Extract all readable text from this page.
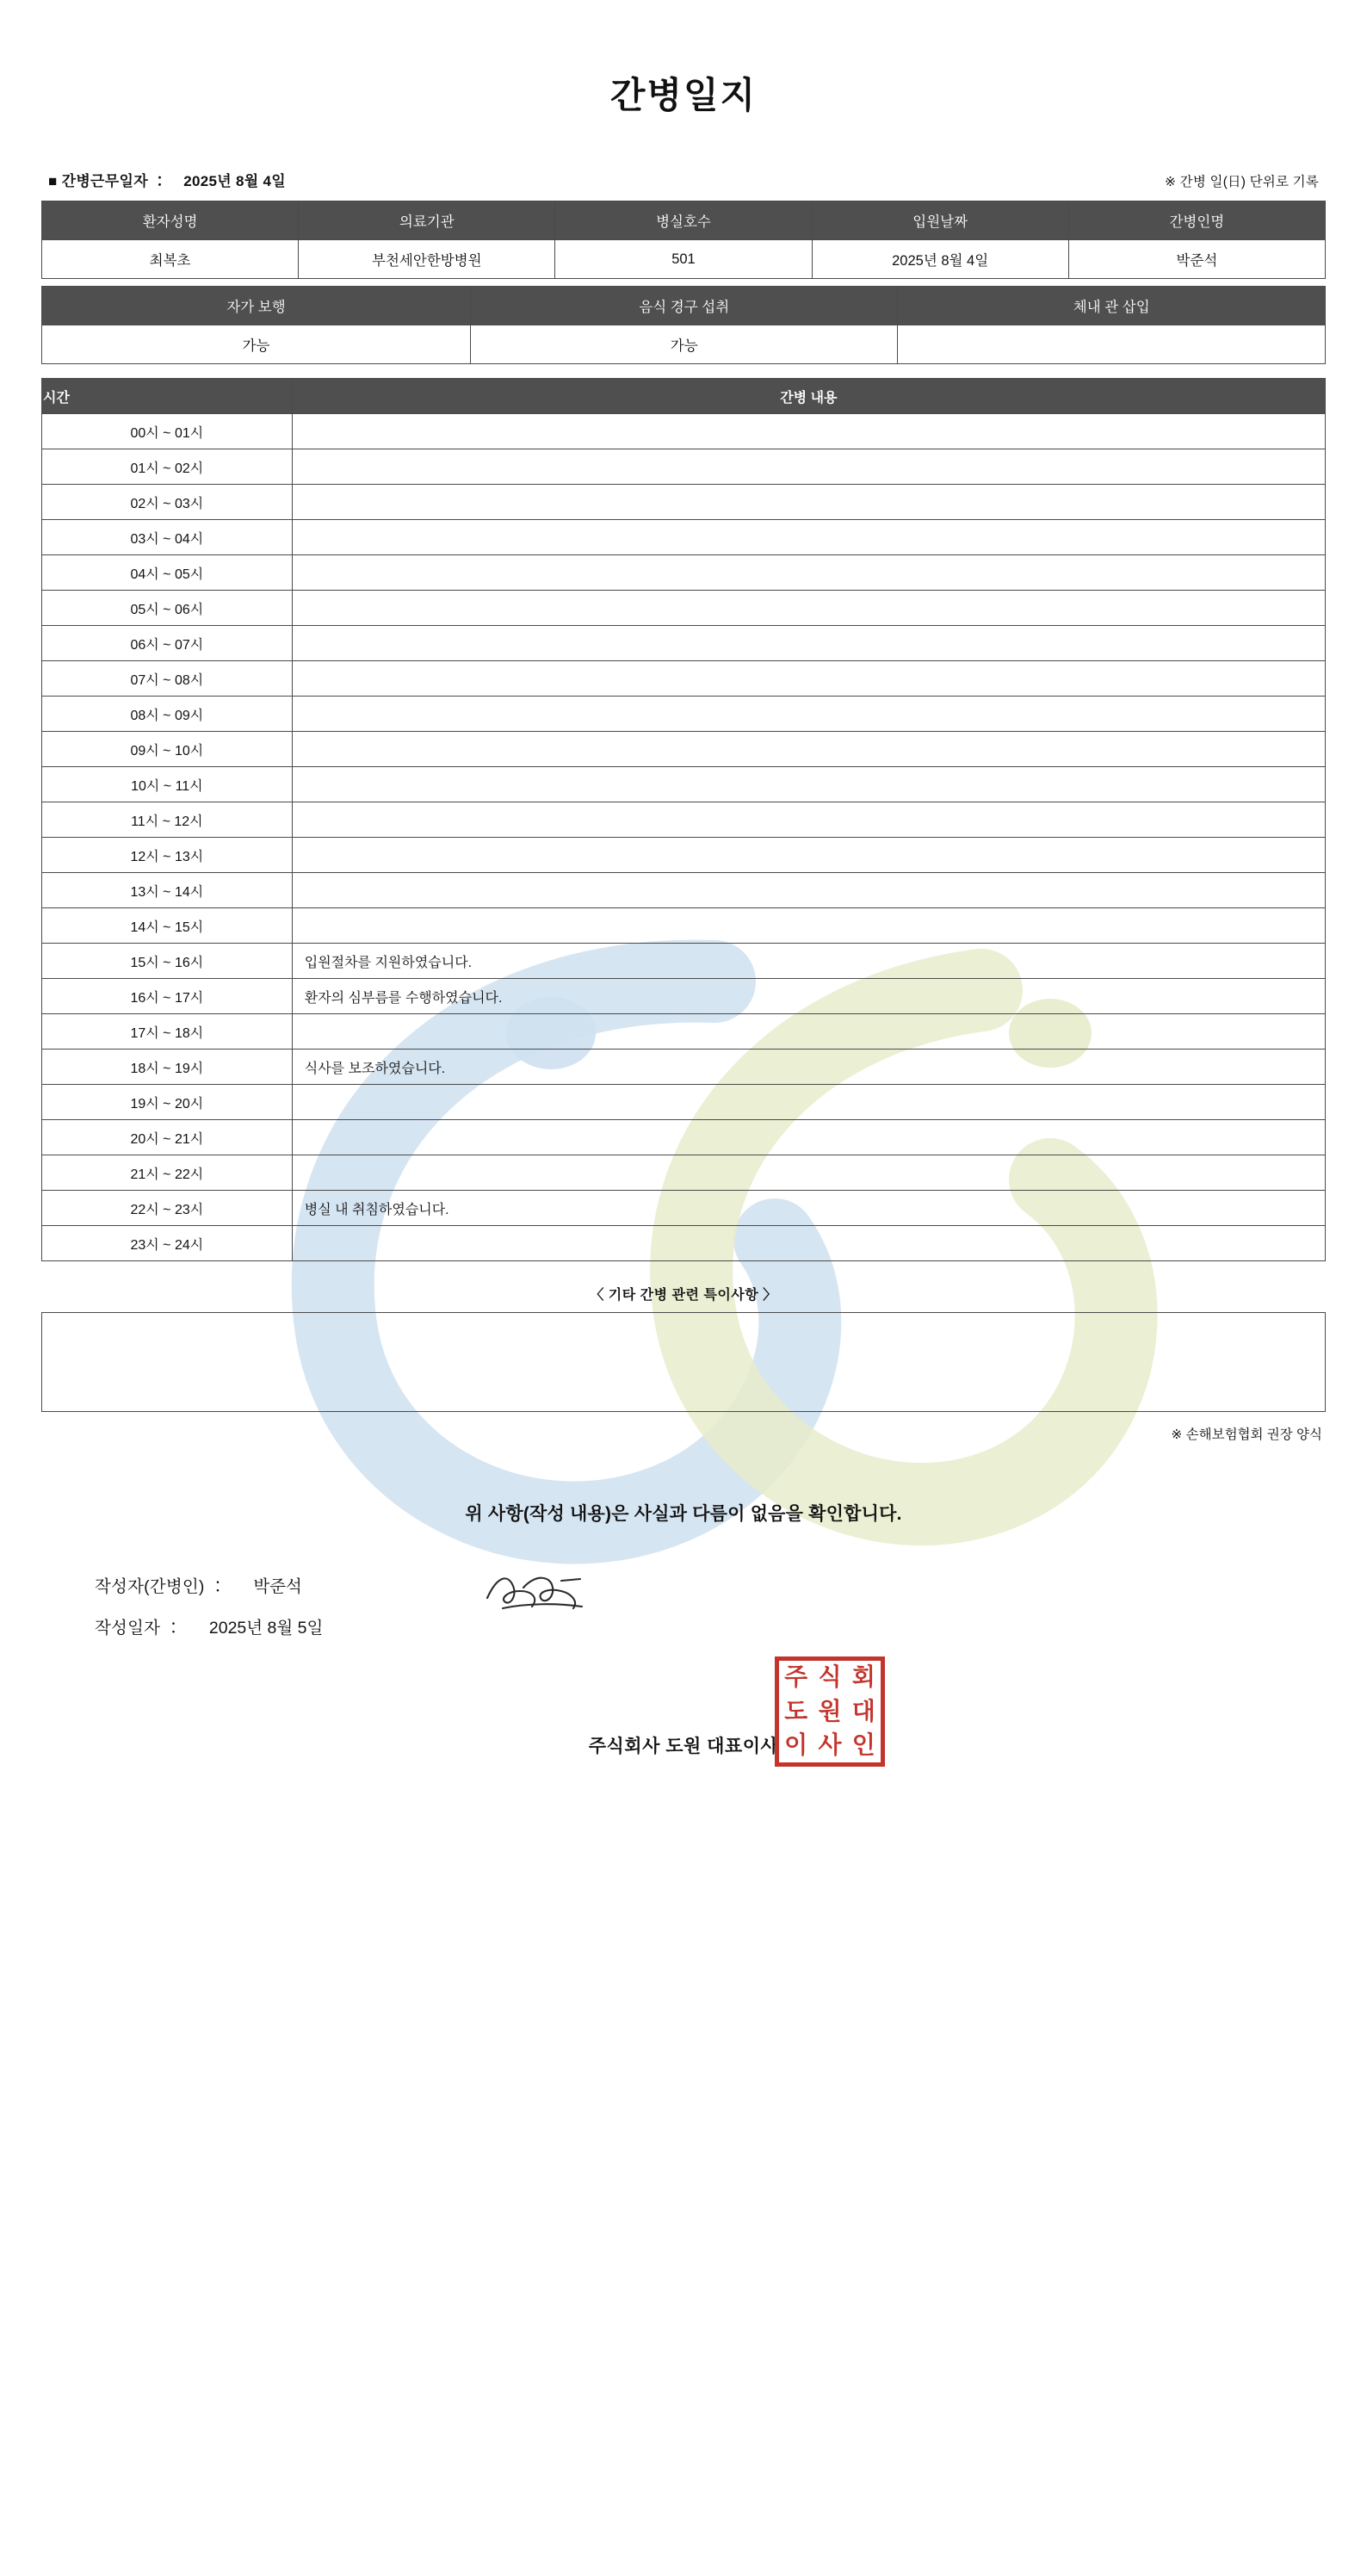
간병일지
■ 간병근무일자 ： 2025년 8월 4일	※ 간병 일(日) 단위로 기록
환자성명	의료기관	병실호수	입원날짜	간병인명
최복초	부천세안한방병원	501	2025년 8월 4일	박준석
자가 보행	음식 경구 섭취	체내 관 삽입
가능	가능	
시간	간병 내용
00시 ~ 01시	
01시 ~ 02시	
02시 ~ 03시	
03시 ~ 04시	
04시 ~ 05시	
05시 ~ 06시	
06시 ~ 07시	
07시 ~ 08시	
08시 ~ 09시	
09시 ~ 10시	
10시 ~ 11시	
11시 ~ 12시	
12시 ~ 13시	
13시 ~ 14시	
14시 ~ 15시	
15시 ~ 16시	입원절차를 지원하였습니다.
16시 ~ 17시	환자의 심부름를 수행하였습니다.
17시 ~ 18시	
18시 ~ 19시	식사를 보조하였습니다.
19시 ~ 20시	
20시 ~ 21시	
21시 ~ 22시	
22시 ~ 23시	병실 내 취침하였습니다.
23시 ~ 24시	
〈 기타 간병 관련 특이사항 〉
※ 손해보험협회 권장 양식
위 사항(작성 내용)은 사실과 다름이 없음을 확인합니다.
작성자(간병인) ： 박준석
작성일자 ： 2025년 8월 5일
주식회사 도원 대표이사
주 식 회
도 원 대
이 사 인
